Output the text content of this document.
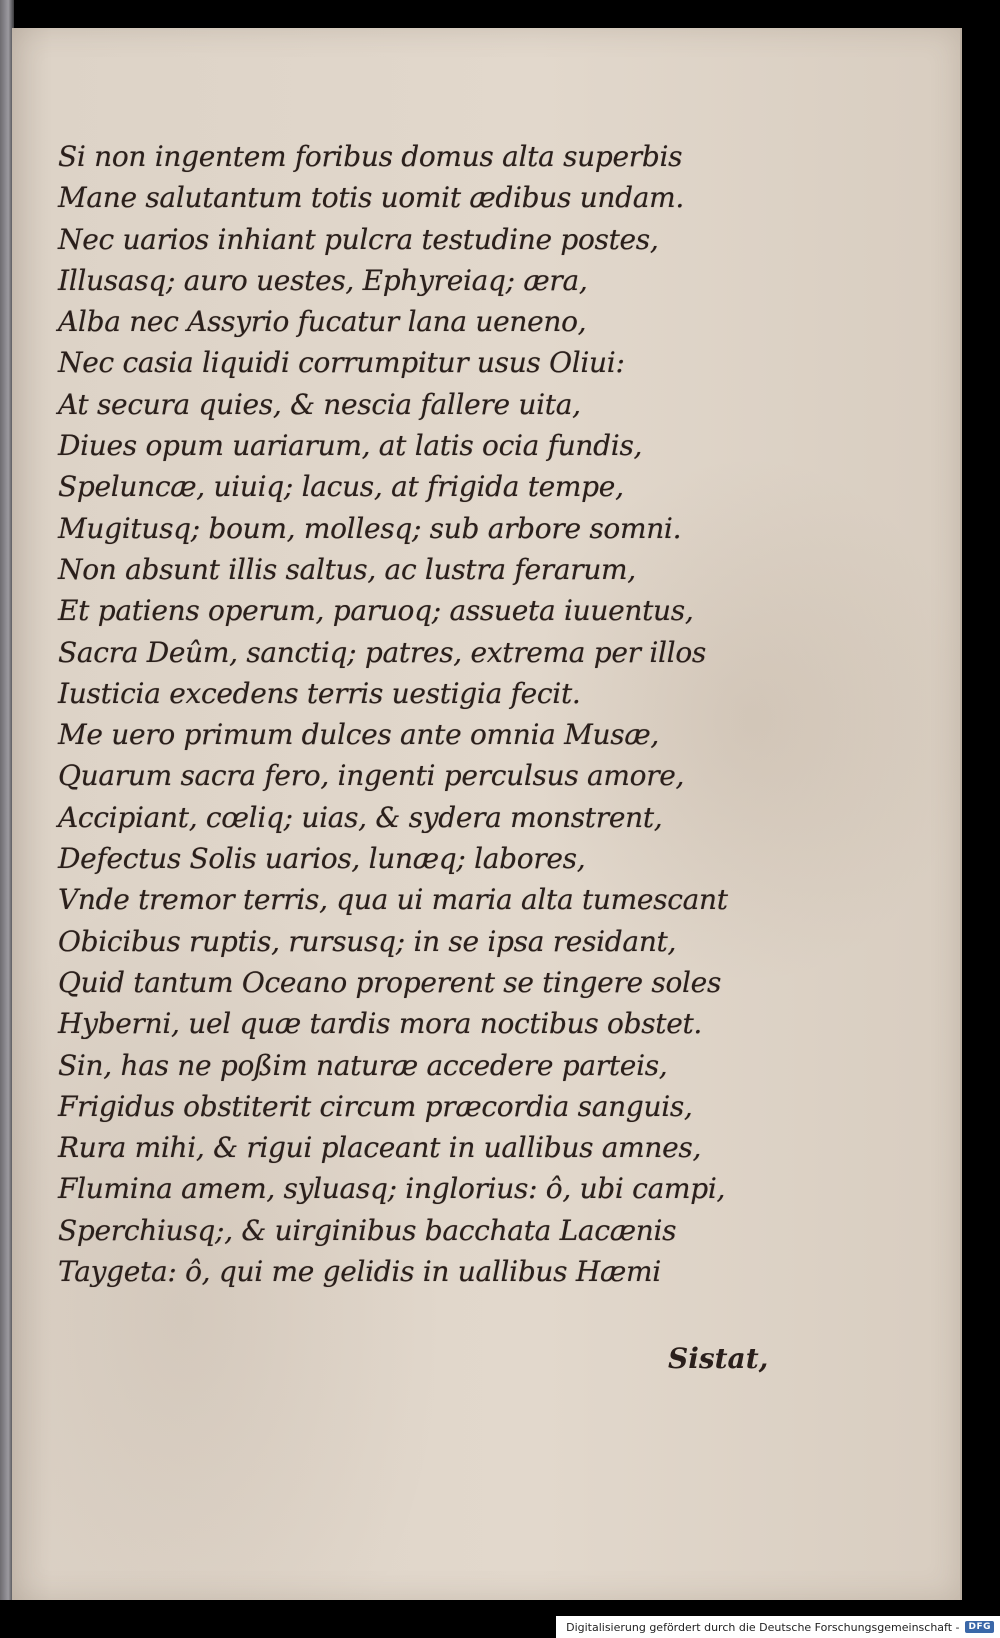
Si non ingentem foribus domus alta superbis
Mane salutantum totis uomit ædibus undam.
Nec uarios inhiant pulcra testudine postes,
Illusasq; auro uestes, Ephyreiaq; æra,
Alba nec Assyrio fucatur lana ueneno,
Nec casia liquidi corrumpitur usus Oliui:
At secura quies, & nescia fallere uita,
Diues opum uariarum, at latis ocia fundis,
Speluncæ, uiuiq; lacus, at frigida tempe,
Mugitusq; boum, mollesq; sub arbore somni.
Non absunt illis saltus, ac lustra ferarum,
Et patiens operum, paruoq; assueta iuuentus,
Sacra Deûm, sanctiq; patres, extrema per illos
Iusticia excedens terris uestigia fecit.
Me uero primum dulces ante omnia Musæ,
Quarum sacra fero, ingenti perculsus amore,
Accipiant, cœliq; uias, & sydera monstrent,
Defectus Solis uarios, lunæq; labores,
Vnde tremor terris, qua ui maria alta tumescant
Obicibus ruptis, rursusq; in se ipsa residant,
Quid tantum Oceano properent se tingere soles
Hyberni, uel quæ tardis mora noctibus obstet.
Sin, has ne poßim naturæ accedere parteis,
Frigidus obstiterit circum præcordia sanguis,
Rura mihi, & rigui placeant in uallibus amnes,
Flumina amem, syluasq; inglorius: ô, ubi campi,
Sperchiusq;, & uirginibus bacchata Lacænis
Taygeta: ô, qui me gelidis in uallibus Hæmi
Sistat,
Digitalisierung gefördert durch die Deutsche Forschungsgemeinschaft -	DFG
